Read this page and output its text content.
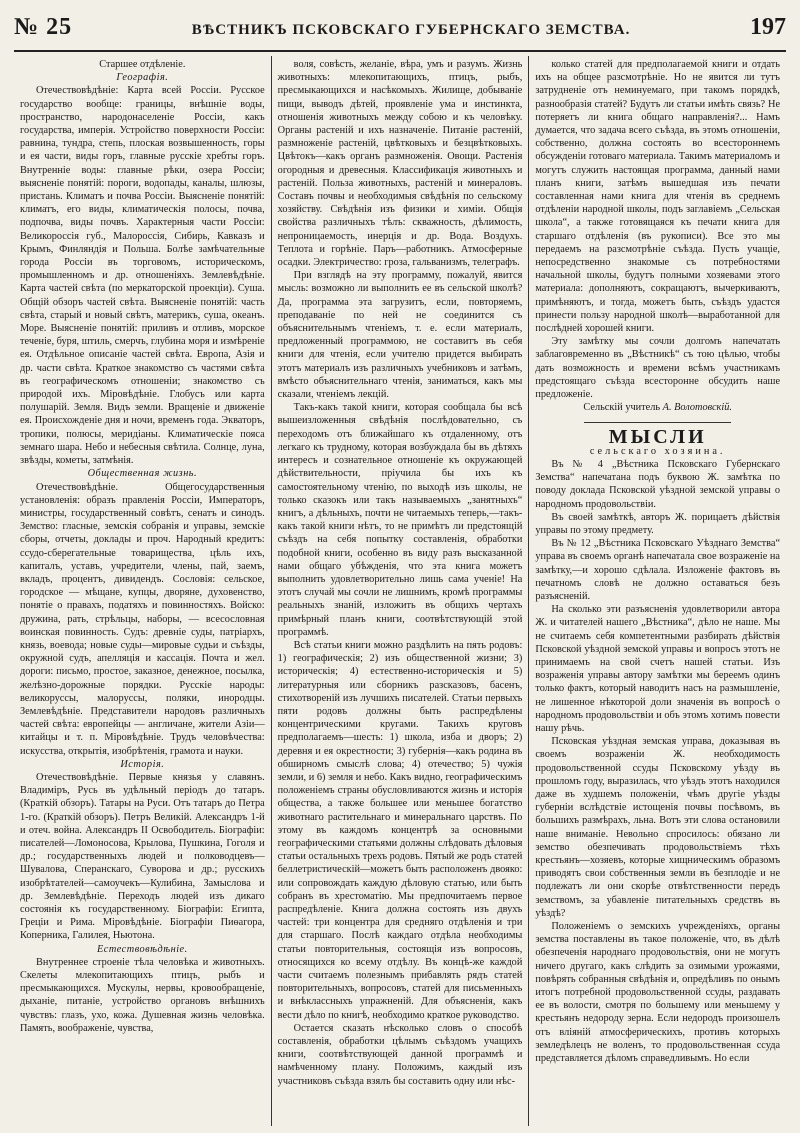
№ 25	ВѢСТНИКЪ ПСКОВСКАГО ГУБЕРНСКАГО ЗЕМСТВА.	197

Старшее отдѣленіе.

Географія.

Отечествовѣдѣніе: Карта всей Россіи. Русское государство вообще: границы, внѣшніе воды, пространство, народонаселеніе Россіи, какъ государства, имперія. Устройство поверхности Россіи: равнина, тундра, степь, плоская возвышенность, горы и ея части, виды горъ, главные русскіе хребты горъ. Внутренніе воды: главные рѣки, озера Россіи; выясненіе понятій: пороги, водопады, каналы, шлюзы, пристань. Климатъ и почва Россіи. Выясненіе понятій: климатъ, его виды, климатическія полосы, почва, подпочва, виды почвъ. Характерныя части Россіи: Великороссія губ., Малороссія, Сибирь, Кавказъ и Крымъ, Финляндія и Польша. Болѣе замѣчательные города Россіи въ торговомъ, историческомъ, промышленномъ и др. отношеніяхъ. Землевѣдѣніе. Карта частей свѣта (по меркаторской проекціи). Суша. Общій обзоръ частей свѣта. Выясненіе понятій: часть свѣта, старый и новый свѣтъ, материкъ, суша, океанъ. Море. Выясненіе понятій: приливъ и отливъ, морское теченіе, буря, штиль, смерчъ, глубина моря и измѣреніе ея. Отдѣльное описаніе частей свѣта. Европа, Азія и др. части свѣта. Краткое знакомство съ частями свѣта въ географическомъ отношеніи; знакомство съ природой ихъ. Міровѣдѣніе. Глобусъ или карта полушарій. Земля. Видъ земли. Вращеніе и движеніе ея. Происхожденіе дня и ночи, временъ года. Экваторъ, тропики, полюсы, меридіаны. Климатическіе пояса земнаго шара. Небо и небесныя свѣтила. Солнце, луна, звѣзды, кометы, затмѣнія.

Общественная жизнь.

Отечествовѣдѣніе. Общегосударственныя установленія: образъ правленія Россіи, Императоръ, министры, государственный совѣтъ, сенатъ и синодъ. Земство: гласные, земскія собранія и управы, земскіе сборы, отчеты, доклады и проч. Народный кредитъ: ссудо-сберегательные товарищества, цѣль ихъ, капиталъ, уставъ, учредители, члены, пай, заемъ, вкладъ, процентъ, дивидендъ. Сословія: сельское, городское — мѣщане, купцы, дворяне, духовенство, понятіе о правахъ, податяхъ и повинностяхъ. Войско: дружина, рать, стрѣльцы, наборы, — всесословная воинская повинность. Судъ: древніе суды, патріархъ, князь, воевода; новые суды—мировые судьи и съѣзды, окружной судъ, апелляція и кассація. Почта и жел. дороги: письмо, простое, заказное, денежное, посылка, желѣзно-дорожные порядки. Русскіе народы: великоруссы, малоруссы, поляки, инородцы. Землевѣдѣніе. Представители народовъ различныхъ частей свѣта: европейцы — англичане, жители Азіи—китайцы и т. п. Міровѣдѣніе. Трудъ человѣчества: искусства, открытія, изобрѣтенія, грамота и науки.

Исторія.

Отечествовѣдѣніе. Первые князья у славянъ. Владиміръ, Русь въ удѣльный періодъ до татаръ. (Краткій обзоръ). Татары на Руси. Отъ татаръ до Петра 1-го. (Краткій обзоръ). Петръ Великій. Александръ 1-й и отеч. война. Александръ II Освободитель. Біографіи: писателей—Ломоносова, Крылова, Пушкина, Гоголя и др.; государственныхъ людей и полководцевъ—Шувалова, Сперанскаго, Суворова и др.; русскихъ изобрѣтателей—самоучекъ—Кулибина, Замыслова и др. Землевѣдѣніе. Переходъ людей изъ дикаго состоянія къ государственному. Біографіи: Египта, Греціи и Рима. Міровѣдѣніе. Біографіи Пиѳагора, Коперника, Галилея, Ньютона.

Естествовѣдѣніе.

Внутреннее строеніе тѣла человѣка и животныхъ. Скелеты млекопитающихъ птицъ, рыбъ и пресмыкающихся. Мускулы, нервы, кровообращеніе, дыханіе, питаніе, устройство органовъ внѣшнихъ чувствъ: глазъ, ухо, кожа. Душевная жизнь человѣка. Память, воображеніе, чувства,

воля, совѣсть, желаніе, вѣра, умъ и разумъ. Жизнь животныхъ: млекопитающихъ, птицъ, рыбъ, пресмыкающихся и насѣкомыхъ. Жилище, добываніе пищи, выводъ дѣтей, проявленіе ума и инстинкта, отношенія животныхъ между собою и къ человѣку. Органы растеній и ихъ назначеніе. Питаніе растеній, размноженіе растеній, цвѣтковыхъ и безцвѣтковыхъ. Цвѣтокъ—какъ органъ размноженія. Овощи. Растенія огородныя и древесныя. Классификація животныхъ и растеній. Польза животныхъ, растеній и минераловъ. Составъ почвы и необходимыя свѣдѣнія по сельскому хозяйству. Свѣдѣнія изъ физики и химіи. Общія свойства различныхъ тѣлъ: скважность, дѣлимость, непроницаемость, инерція и др. Вода. Воздухъ. Теплота и горѣніе. Паръ—работникъ. Атмосферные осадки. Электричество: гроза, гальванизмъ, телеграфъ.

При взглядѣ на эту программу, пожалуй, явится мысль: возможно ли выполнить ее въ сельской школѣ? Да, программа эта загрузитъ, если, повторяемъ, преподаваніе по ней не соединится съ объяснительнымъ чтеніемъ, т. е. если материалъ, предложенный программою, не составитъ въ себя книги для чтенія, если учителю придется выбирать этотъ материалъ изъ различныхъ учебниковъ и затѣмъ, вмѣсто объяснительнаго чтенія, заниматься, какъ мы сказали, чтеніемъ лекцій.

Такъ-какъ такой книги, которая сообщала бы всѣ вышеизложенныя свѣдѣнія послѣдовательно, съ переходомъ отъ ближайшаго къ отдаленному, отъ легкаго къ трудному, которая возбуждала бы въ дѣтяхъ интересъ и сознательное отношеніе къ окружающей дѣйствительности, пріучила бы ихъ къ самостоятельному чтенію, по выходѣ изъ школы, не только сказокъ или такъ называемыхъ „занятныхъ“ книгъ, а дѣльныхъ, почти не читаемыхъ теперь,—такъ-какъ такой книги нѣтъ, то не примѣтъ ли предстоящій съѣздъ на себя попытку составленія, обработки подобной книги, особенно въ виду разъ высказанной нами общаго убѣжденія, что эта книга можетъ выполнить удовлетворительно лишь сама ученіе! На этотъ случай мы сочли не лишнимъ, кромѣ программы реальныхъ знаній, изложить въ общихъ чертахъ примѣрный планъ книги, соотвѣтствующій этой программѣ.

Всѣ статьи книги можно раздѣлить на пять родовъ: 1) географическія; 2) изъ общественной жизни; 3) историческія; 4) естественно-историческія и 5) литературныя или сборникъ разсказовъ, басенъ, стихотвореній изъ лучшихъ писателей. Статьи первыхъ пяти родовъ должны быть распредѣлены концентрическими кругами. Такихъ круговъ предполагаемъ—шесть: 1) школа, изба и дворъ; 2) деревня и ея окрестности; 3) губернія—какъ родина въ обширномъ смыслѣ слова; 4) отечество; 5) чужія земли, и 6) земля и небо. Какъ видно, географическимъ положеніемъ страны обусловливаются жизнь и исторія общества, а также большее или меньшее богатство животнаго растительнаго и минеральнаго царствъ. По этому въ каждомъ концентрѣ за основными географическими статьями должны слѣдовать дѣловыя статьи остальныхъ трехъ родовъ. Пятый же родъ статей беллетристическій—можетъ быть расположенъ двояко: или сопровождать каждую дѣловую статью, или быть собранъ въ хрестоматію. Мы предпочитаемъ первое распредѣленіе. Книга должна состоять изъ двухъ частей: три концентра для средняго отдѣленія и три для старшаго. Послѣ каждаго отдѣла необходимы статьи повторительныя, состоящія изъ вопросовъ, относящихся ко всему отдѣлу. Въ концѣ-же каждой части считаемъ полезнымъ прибавлять рядъ статей повторительныхъ, вопросовъ, статей для письменныхъ и внѣклассныхъ упражненій. Для объясненія, какъ вести дѣло по книгѣ, необходимо краткое руководство.

Остается сказать нѣсколько словъ о способѣ составленія, обработки цѣлымъ съѣздомъ учащихъ книги, соотвѣтствующей данной программѣ и намѣченному плану. Положимъ, каждый изъ участниковъ съѣзда взялъ бы составить одну или нѣс-

колько статей для предполагаемой книги и отдать ихъ на общее разсмотрѣніе. Но не явится ли тутъ затрудненіе отъ неминуемаго, при такомъ порядкѣ, разнообразія статей? Будутъ ли статьи имѣть связь? Не потеряетъ ли книга общаго направленія?... Намъ думается, что задача всего съѣзда, въ этомъ отношеніи, собственно, должна состоять во всестороннемъ обсужденіи готоваго материала. Такимъ материаломъ и могутъ служить настоящая программа, данный нами планъ книги, затѣмъ вышедшая изъ печати составленная нами книга для чтенія въ среднемъ отдѣленіи народной школы, подъ заглавіемъ „Сельская школа“, а также готовящаяся къ печати книга для старшаго отдѣленія (въ рукописи). Все это мы передаемъ на разсмотрѣніе съѣзда. Пусть учащіе, непосредственно знакомые съ потребностями начальной школы, будутъ полными хозяевами этого материала: дополняютъ, сокращаютъ, вычеркиваютъ, примѣняютъ, и тогда, можетъ быть, съѣздъ удастся принести пользу народной школѣ—выработанной для послѣдней хорошей книги.

Эту замѣтку мы сочли долгомъ напечатать заблаговременно въ „Вѣстникѣ“ съ тою цѣлью, чтобы дать возможность и времени всѣмъ участникамъ предстоящаго съѣзда всесторонне обсудить наше предложеніе.

Сельскій учитель А. Волотовскій.

МЫСЛИ

сельскаго хозяина.

Въ № 4 „Вѣстника Псковскаго Губернскаго Земства“ напечатана подъ буквою Ж. замѣтка по поводу доклада Псковской уѣздной земской управы о народномъ продовольствіи.

Въ своей замѣткѣ, авторъ Ж. порицаетъ дѣйствія управы по этому предмету.

Въ № 12 „Вѣстника Псковскаго Уѣзднаго Земства“ управа въ своемъ органѣ напечатала свое возраженіе на замѣтку,—и хорошо сдѣлала. Изложеніе фактовъ въ печатномъ словѣ не должно оставаться безъ разъясненій.

На сколько эти разъясненія удовлетворили автора Ж. и читателей нашего „Вѣстника“, дѣло не наше. Мы не считаемъ себя компетентными разбирать дѣйствія Псковской уѣздной земской управы и вопросъ этотъ не принимаемъ на свой счетъ нашей статьи. Изъ возраженія управы автору замѣтки мы береемъ одинъ только фактъ, который наводитъ насъ на размышленіе, не лишенное нѣкоторой доли значенія въ вопросѣ о народномъ продовольствіи и объ этомъ хотимъ повести нашу рѣчь.

Псковская уѣздная земская управа, доказывая въ своемъ возраженіи Ж. необходимость продовольственной ссуды Псковскому уѣзду въ прошломъ году, выразилась, что уѣздъ этотъ находился даже въ худшемъ положеніи, чѣмъ другіе уѣзды губерніи вслѣдствіе истощенія почвы посѣвомъ, въ большихъ размѣрахъ, льна. Вотъ эти слова остановили наше вниманіе. Невольно спросилось: обязано ли земство обезпечивать продовольствіемъ тѣхъ крестьянъ—хозяевъ, которые хищническимъ образомъ приводятъ свои собственныя земли въ безплодіе и не подлежатъ ли они скорѣе отвѣтственности передъ земствомъ, за убавленіе питательныхъ средствъ въ уѣздѣ?

Положеніемъ о земскихъ учрежденіяхъ, органы земства поставлены въ такое положеніе, что, въ дѣлѣ обезпеченія народнаго продовольствія, они не могутъ ничего другаго, какъ слѣдить за озимыми урожаями, повѣрять собранныя свѣдѣнія и, опредѣливъ по онымъ итогъ потребной продовольственной ссуды, раздавать ее въ волости, смотря по большему или меньшему у крестьянъ недороду зерна. Если недородъ произошелъ отъ вліяній атмосферическихъ, противъ которыхъ земледѣлецъ не воленъ, то продовольственная ссуда представляется дѣломъ справедливымъ. Но если
